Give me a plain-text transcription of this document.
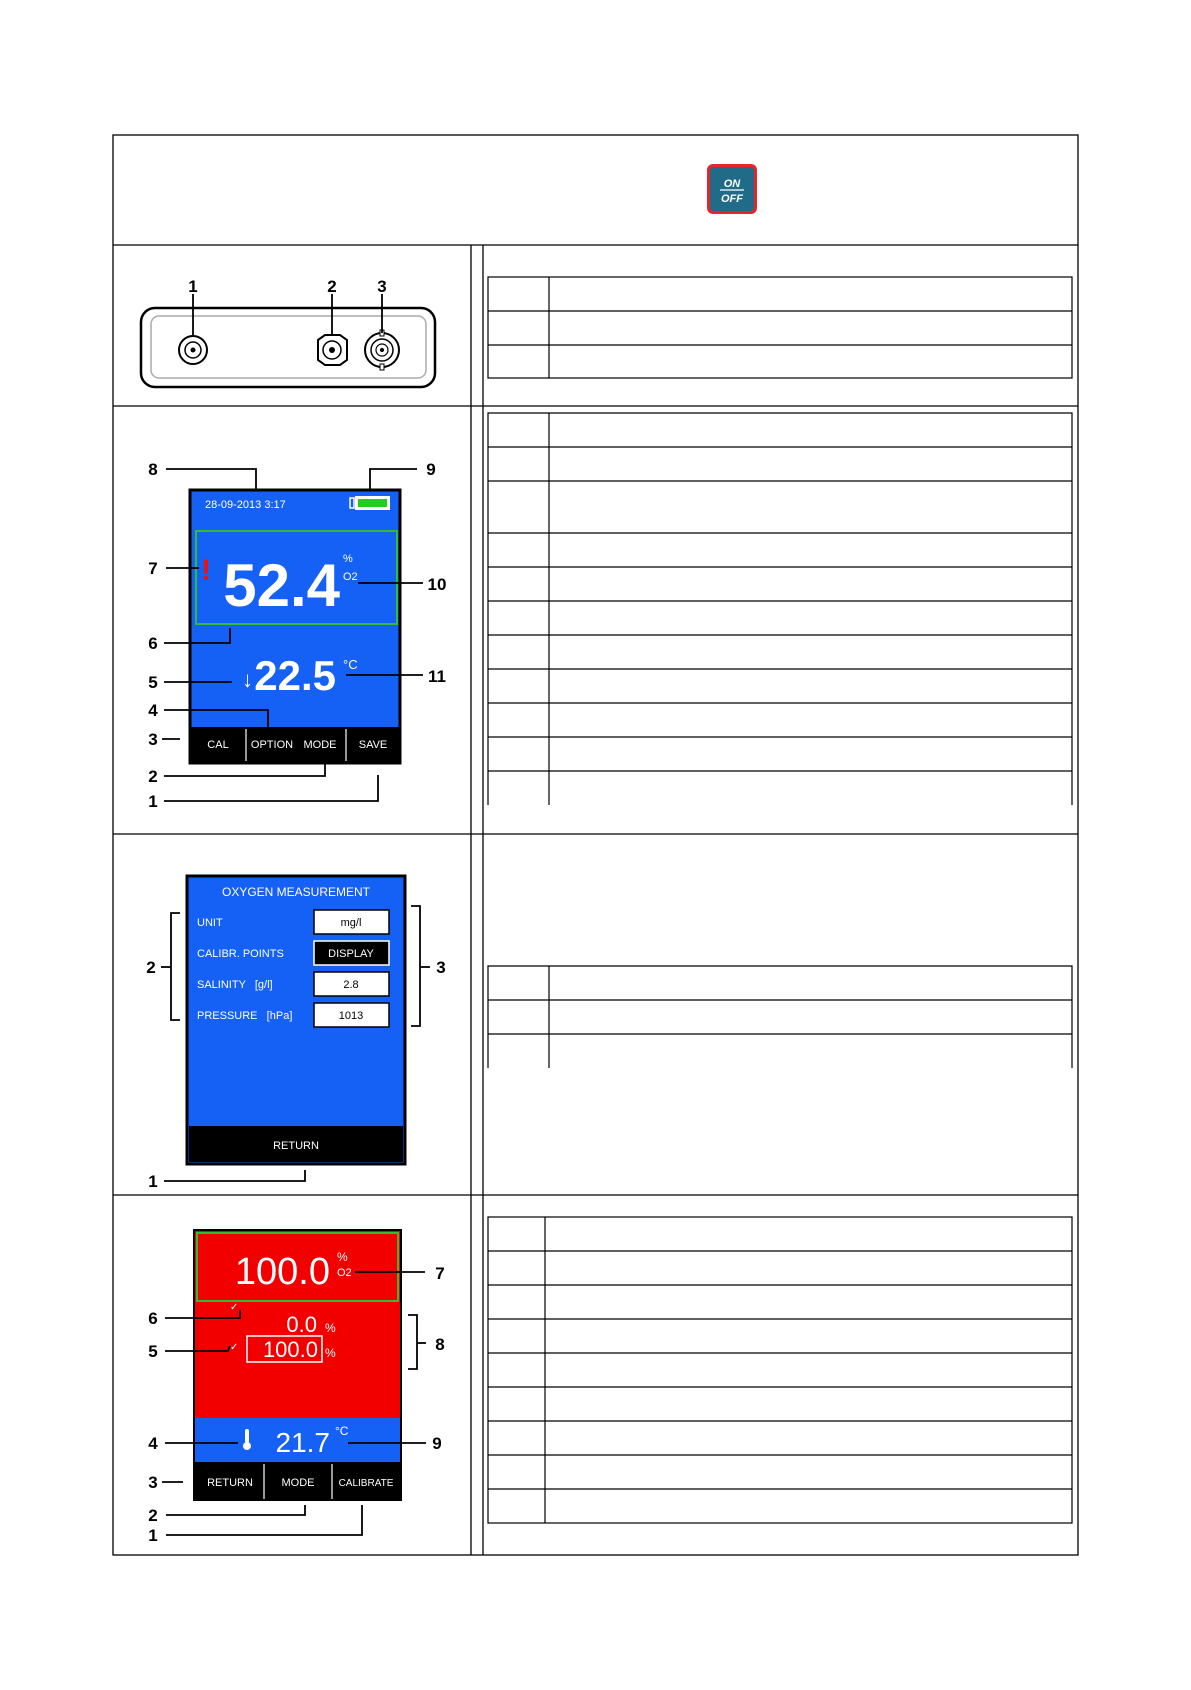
ON
OFF
1	2 3
28-09-2013 3:17
! 52.4 %
O2
↓ 22.5 °C
CAL OPTION MODE SAVE
8	9
7
10
6
5	11
4
3
2
1
OXYGEN MEASUREMENT
UNIT
CALIBR. POINTS
SALINITY   [g/l]
PRESSURE   [hPa]
mg/l
DISPLAY
2.8
1013
RETURN
2	3
1
100.0 %
O2
✓
0.0 %
✓ 100.0 %
21.7 °C
RETURN	MODE CALIBRATE
7
6
8
5
4	9
3
2
1
